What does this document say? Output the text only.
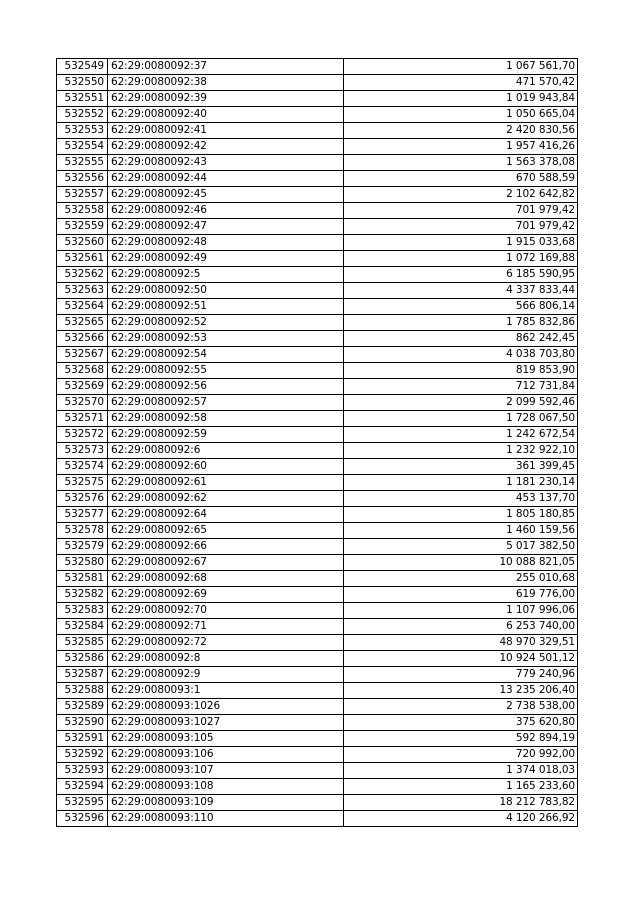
532549	62:29:0080092:37	1 067 561,70
532550	62:29:0080092:38	471 570,42
532551	62:29:0080092:39	1 019 943,84
532552	62:29:0080092:40	1 050 665,04
532553	62:29:0080092:41	2 420 830,56
532554	62:29:0080092:42	1 957 416,26
532555	62:29:0080092:43	1 563 378,08
532556	62:29:0080092:44	670 588,59
532557	62:29:0080092:45	2 102 642,82
532558	62:29:0080092:46	701 979,42
532559	62:29:0080092:47	701 979,42
532560	62:29:0080092:48	1 915 033,68
532561	62:29:0080092:49	1 072 169,88
532562	62:29:0080092:5	6 185 590,95
532563	62:29:0080092:50	4 337 833,44
532564	62:29:0080092:51	566 806,14
532565	62:29:0080092:52	1 785 832,86
532566	62:29:0080092:53	862 242,45
532567	62:29:0080092:54	4 038 703,80
532568	62:29:0080092:55	819 853,90
532569	62:29:0080092:56	712 731,84
532570	62:29:0080092:57	2 099 592,46
532571	62:29:0080092:58	1 728 067,50
532572	62:29:0080092:59	1 242 672,54
532573	62:29:0080092:6	1 232 922,10
532574	62:29:0080092:60	361 399,45
532575	62:29:0080092:61	1 181 230,14
532576	62:29:0080092:62	453 137,70
532577	62:29:0080092:64	1 805 180,85
532578	62:29:0080092:65	1 460 159,56
532579	62:29:0080092:66	5 017 382,50
532580	62:29:0080092:67	10 088 821,05
532581	62:29:0080092:68	255 010,68
532582	62:29:0080092:69	619 776,00
532583	62:29:0080092:70	1 107 996,06
532584	62:29:0080092:71	6 253 740,00
532585	62:29:0080092:72	48 970 329,51
532586	62:29:0080092:8	10 924 501,12
532587	62:29:0080092:9	779 240,96
532588	62:29:0080093:1	13 235 206,40
532589	62:29:0080093:1026	2 738 538,00
532590	62:29:0080093:1027	375 620,80
532591	62:29:0080093:105	592 894,19
532592	62:29:0080093:106	720 992,00
532593	62:29:0080093:107	1 374 018,03
532594	62:29:0080093:108	1 165 233,60
532595	62:29:0080093:109	18 212 783,82
532596	62:29:0080093:110	4 120 266,92
